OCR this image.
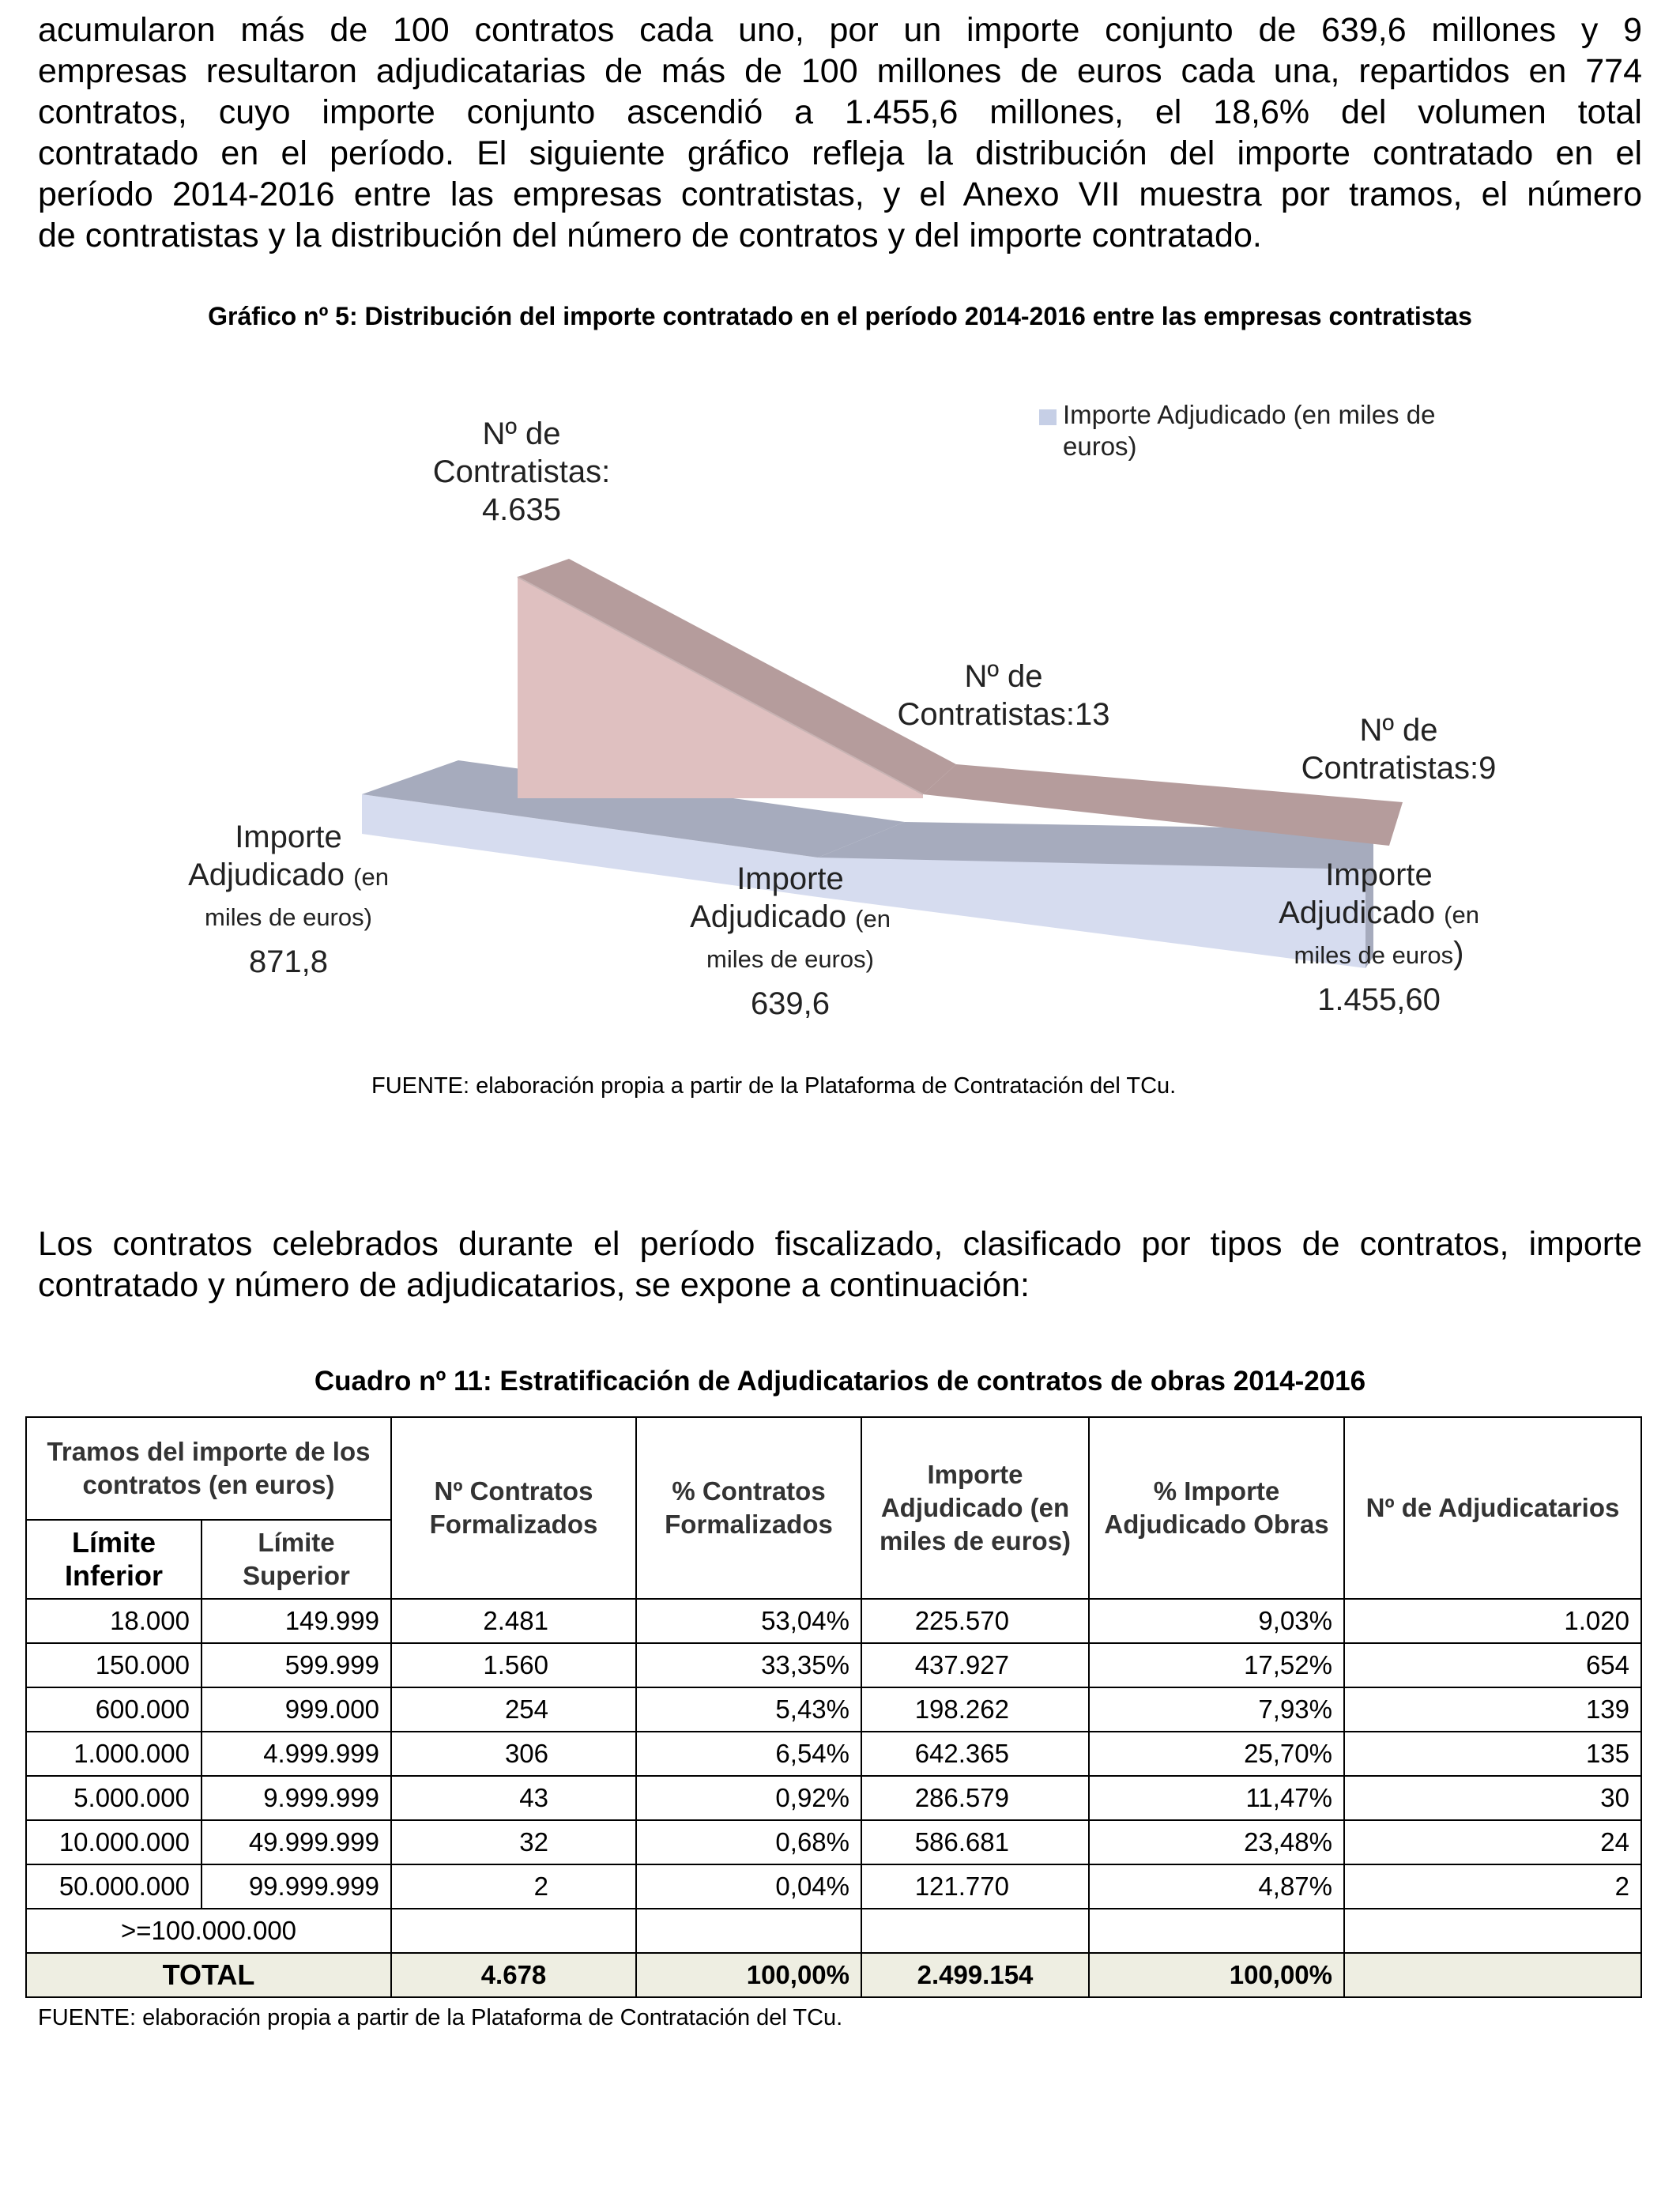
acumularon más de 100 contratos cada uno, por un importe conjunto de 639,6 millones y 9
empresas resultaron adjudicatarias de más de 100 millones de euros cada una, repartidos en 774
contratos, cuyo importe conjunto ascendió a 1.455,6 millones, el 18,6% del volumen total
contratado en el período. El siguiente gráfico refleja la distribución del importe contratado en el
período 2014-2016 entre las empresas contratistas, y el Anexo VII muestra por tramos, el número
de contratistas y la distribución del número de contratos y del importe contratado.

Gráfico nº 5: Distribución del importe contratado en el período 2014-2016 entre las empresas contratistas

Nº de
Contratistas:
4.635
Nº de
Contratistas:13	Nº de
Contratistas:9
Importe
Adjudicado (en
miles de euros)
871,8
Importe
Adjudicado (en
miles de euros)
639,6
Importe
Adjudicado (en
miles de euros)
1.455,60
Importe Adjudicado (en miles de
euros)
FUENTE: elaboración propia a partir de la Plataforma de Contratación del TCu.
Los contratos celebrados durante el período fiscalizado, clasificado por tipos de contratos, importe
contratado y número de adjudicatarios, se expone a continuación:

Cuadro nº 11: Estratificación de Adjudicatarios de contratos de obras 2014-2016

Tramos del importe de los contratos (en euros)		Nº Contratos Formalizados	% Contratos Formalizados	Importe Adjudicado (en miles de euros)	% Importe Adjudicado Obras	Nº de Adjudicatarios
Límite Inferior	Límite Superior					
18.000	149.999	2.481	53,04%	225.570	9,03%	1.020
150.000	599.999	1.560	33,35%	437.927	17,52%	654
600.000	999.000	254	5,43%	198.262	7,93%	139
1.000.000	4.999.999	306	6,54%	642.365	25,70%	135
5.000.000	9.999.999	43	0,92%	286.579	11,47%	30
10.000.000	49.999.999	32	0,68%	586.681	23,48%	24
50.000.000	99.999.999	2	0,04%	121.770	4,87%	2
>=100.000.000						
TOTAL		4.678	100,00%	2.499.154	100,00%	
FUENTE: elaboración propia a partir de la Plataforma de Contratación del TCu.
